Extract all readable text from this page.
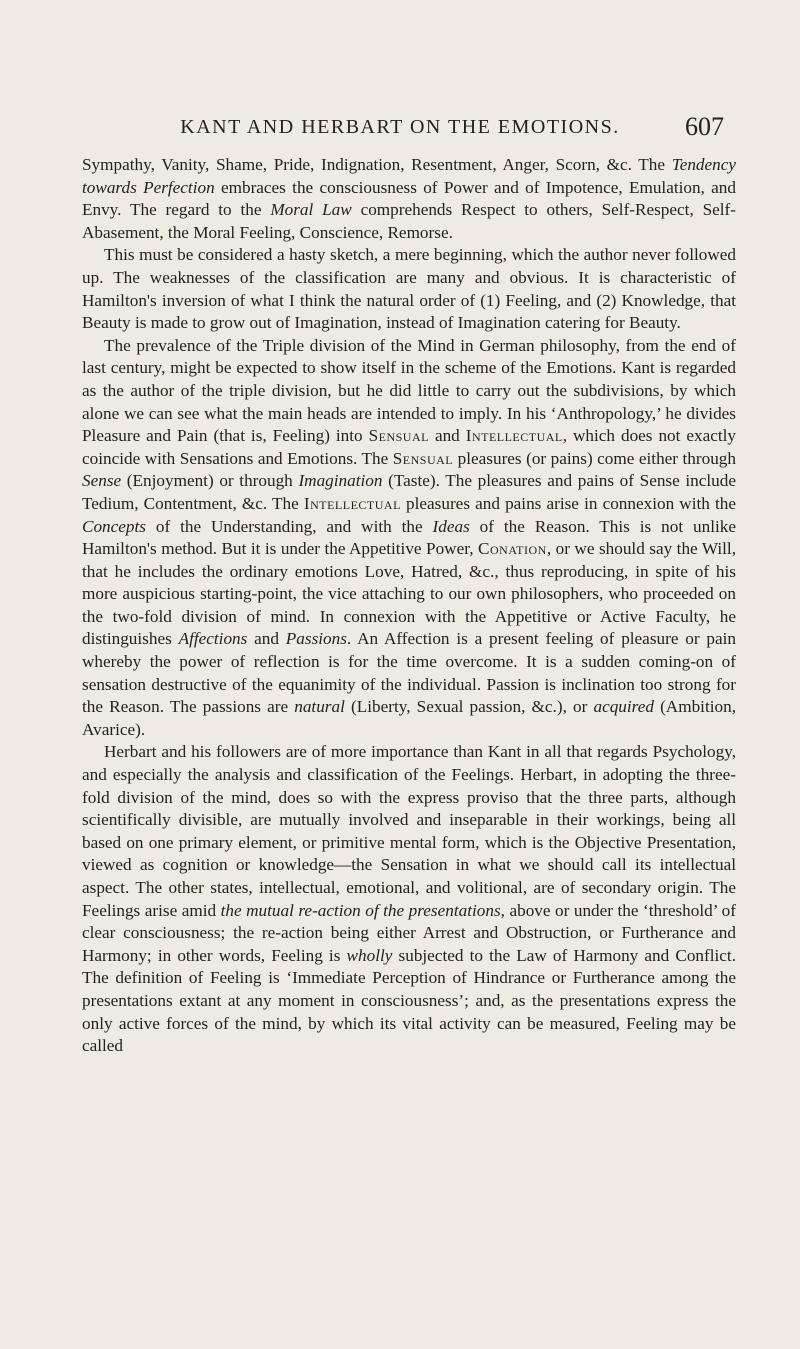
KANT AND HERBART ON THE EMOTIONS.	607

Sympathy, Vanity, Shame, Pride, Indignation, Resentment, Anger, Scorn, &c. The Tendency towards Perfection embraces the consciousness of Power and of Impotence, Emulation, and Envy. The regard to the Moral Law comprehends Respect to others, Self-Respect, Self-Abasement, the Moral Feeling, Conscience, Remorse.

This must be considered a hasty sketch, a mere beginning, which the author never followed up. The weaknesses of the classification are many and obvious. It is characteristic of Hamilton's inversion of what I think the natural order of (1) Feeling, and (2) Knowledge, that Beauty is made to grow out of Imagination, instead of Imagination catering for Beauty.

The prevalence of the Triple division of the Mind in German philosophy, from the end of last century, might be expected to show itself in the scheme of the Emotions. Kant is regarded as the author of the triple division, but he did little to carry out the subdivisions, by which alone we can see what the main heads are intended to imply. In his ‘Anthropology,’ he divides Pleasure and Pain (that is, Feeling) into Sensual and Intellectual, which does not exactly coincide with Sensations and Emotions. The Sensual pleasures (or pains) come either through Sense (Enjoyment) or through Imagination (Taste). The pleasures and pains of Sense include Tedium, Contentment, &c. The Intellectual pleasures and pains arise in connexion with the Concepts of the Understanding, and with the Ideas of the Reason. This is not unlike Hamilton's method. But it is under the Appetitive Power, Conation, or we should say the Will, that he includes the ordinary emotions Love, Hatred, &c., thus reproducing, in spite of his more auspicious starting-point, the vice attaching to our own philosophers, who proceeded on the two-fold division of mind. In connexion with the Appetitive or Active Faculty, he distinguishes Affections and Passions. An Affection is a present feeling of pleasure or pain whereby the power of reflection is for the time overcome. It is a sudden coming-on of sensation destructive of the equanimity of the individual. Passion is inclination too strong for the Reason. The passions are natural (Liberty, Sexual passion, &c.), or acquired (Ambition, Avarice).

Herbart and his followers are of more importance than Kant in all that regards Psychology, and especially the analysis and classification of the Feelings. Herbart, in adopting the three-fold division of the mind, does so with the express proviso that the three parts, although scientifically divisible, are mutually involved and inseparable in their workings, being all based on one primary element, or primitive mental form, which is the Objective Presentation, viewed as cognition or knowledge—the Sensation in what we should call its intellectual aspect. The other states, intellectual, emotional, and volitional, are of secondary origin. The Feelings arise amid the mutual re-action of the presentations, above or under the ‘threshold’ of clear consciousness; the re-action being either Arrest and Obstruction, or Furtherance and Harmony; in other words, Feeling is wholly subjected to the Law of Harmony and Conflict. The definition of Feeling is ‘Immediate Perception of Hindrance or Furtherance among the presentations extant at any moment in consciousness’; and, as the presentations express the only active forces of the mind, by which its vital activity can be measured, Feeling may be called
